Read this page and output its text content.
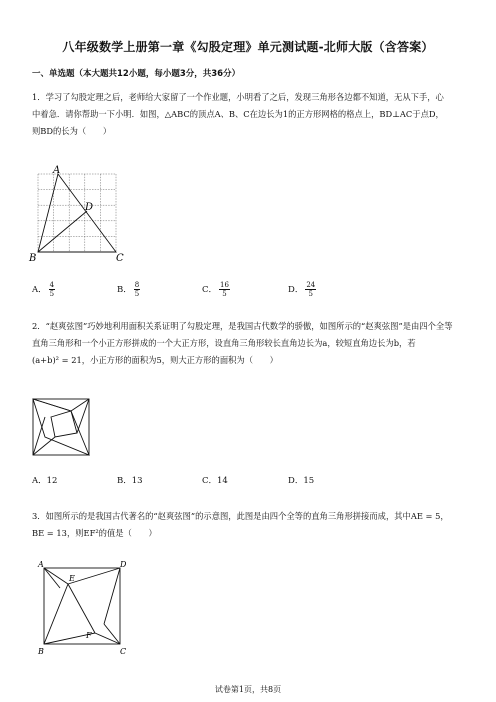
八年级数学上册第一章《勾股定理》单元测试题-北师大版（含答案）
一、单选题（本大题共12小题，每小题3分，共36分）
1．学习了勾股定理之后，老师给大家留了一个作业题，小明看了之后，发现三角形各边都不知道，无从下手，心
中着急．请你帮助一下小明．如图，△ABC的顶点A、B、C在边长为1的正方形网格的格点上，BD⊥AC于点D，
则BD的长为（　　）
A
B	C
D
A． $\frac{4}{5}$	B． $\frac{8}{5}$	C． $\frac{16}{5}$	D． $\frac{24}{5}$
2．“赵爽弦图”巧妙地利用面积关系证明了勾股定理，是我国古代数学的骄傲，如图所示的“赵爽弦图”是由四个全等
直角三角形和一个小正方形拼成的一个大正方形，设直角三角形较长直角边长为a，较短直角边长为b，若
(a+b)² = 21，小正方形的面积为5，则大正方形的面积为（　　）
A．12	B．13	C．14	D．15
3．如图所示的是我国古代著名的“赵爽弦图”的示意图，此图是由四个全等的直角三角形拼接而成，其中AE = 5，
BE = 13，则EF²的值是（　　）
A	D
B	C
E
F
试卷第1页，共8页
